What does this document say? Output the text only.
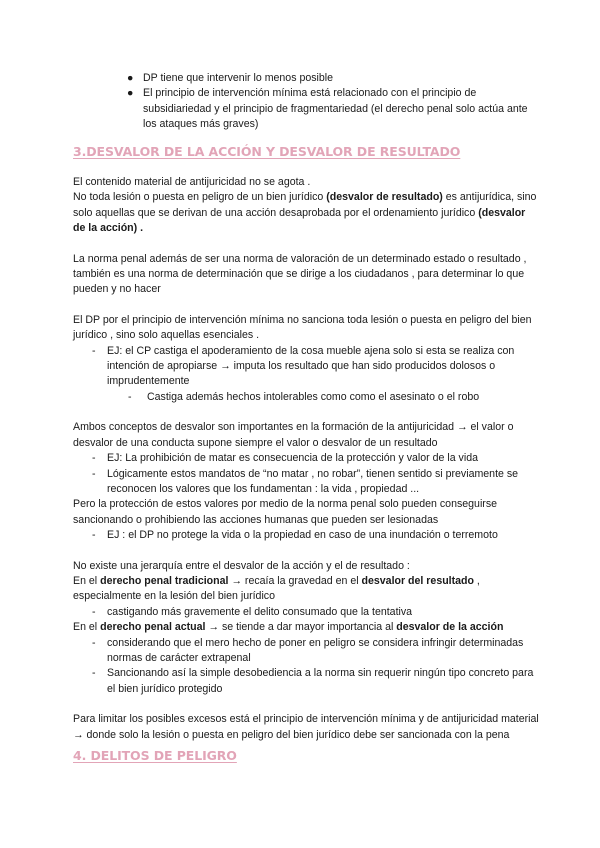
● DP tiene que intervenir lo menos posible
● El principio de intervención mínima está relacionado con el principio de subsidiariedad y el principio de fragmentariedad (el derecho penal solo actúa ante los ataques más graves)
3.DESVALOR DE LA ACCIÓN Y DESVALOR DE RESULTADO

El contenido material de antijuricidad no se agota .
No toda lesión o puesta en peligro de un bien jurídico (desvalor de resultado) es antijurídica, sino solo aquellas que se derivan de una acción desaprobada por el ordenamiento jurídico (desvalor de la acción) .

La norma penal además de ser una norma de valoración de un determinado estado o resultado , también es una norma de determinación que se dirige a los ciudadanos , para determinar lo que pueden y no hacer

El DP por el principio de intervención mínima no sanciona toda lesión o puesta en peligro del bien jurídico , sino solo aquellas esenciales .

- EJ: el CP castiga el apoderamiento de la cosa mueble ajena solo si esta se realiza con intención de apropiarse → imputa los resultado que han sido producidos dolosos o imprudentemente
- Castiga además hechos intolerables como como el asesinato o el robo

Ambos conceptos de desvalor son importantes en la formación de la antijuricidad → el valor o desvalor de una conducta supone siempre el valor o desvalor de un resultado

- EJ: La prohibición de matar es consecuencia de la protección y valor de la vida
- Lógicamente estos mandatos de “no matar , no robar”, tienen sentido si previamente se reconocen los valores que los fundamentan : la vida , propiedad ...

Pero la protección de estos valores por medio de la norma penal solo pueden conseguirse sancionando o prohibiendo las acciones humanas que pueden ser lesionadas

- EJ : el DP no protege la vida o la propiedad en caso de una inundación o terremoto

No existe una jerarquía entre el desvalor de la acción y el de resultado :

En el derecho penal tradicional → recaía la gravedad en el desvalor del resultado , especialmente en la lesión del bien jurídico

- castigando más gravemente el delito consumado que la tentativa

En el derecho penal actual → se tiende a dar mayor importancia al desvalor de la acción

- considerando que el mero hecho de poner en peligro se considera infringir determinadas normas de carácter extrapenal
- Sancionando así la simple desobediencia a la norma sin requerir ningún tipo concreto para el bien jurídico protegido

Para limitar los posibles excesos está el principio de intervención mínima y de antijuricidad material → donde solo la lesión o puesta en peligro del bien jurídico debe ser sancionada con la pena

4. DELITOS DE PELIGRO
